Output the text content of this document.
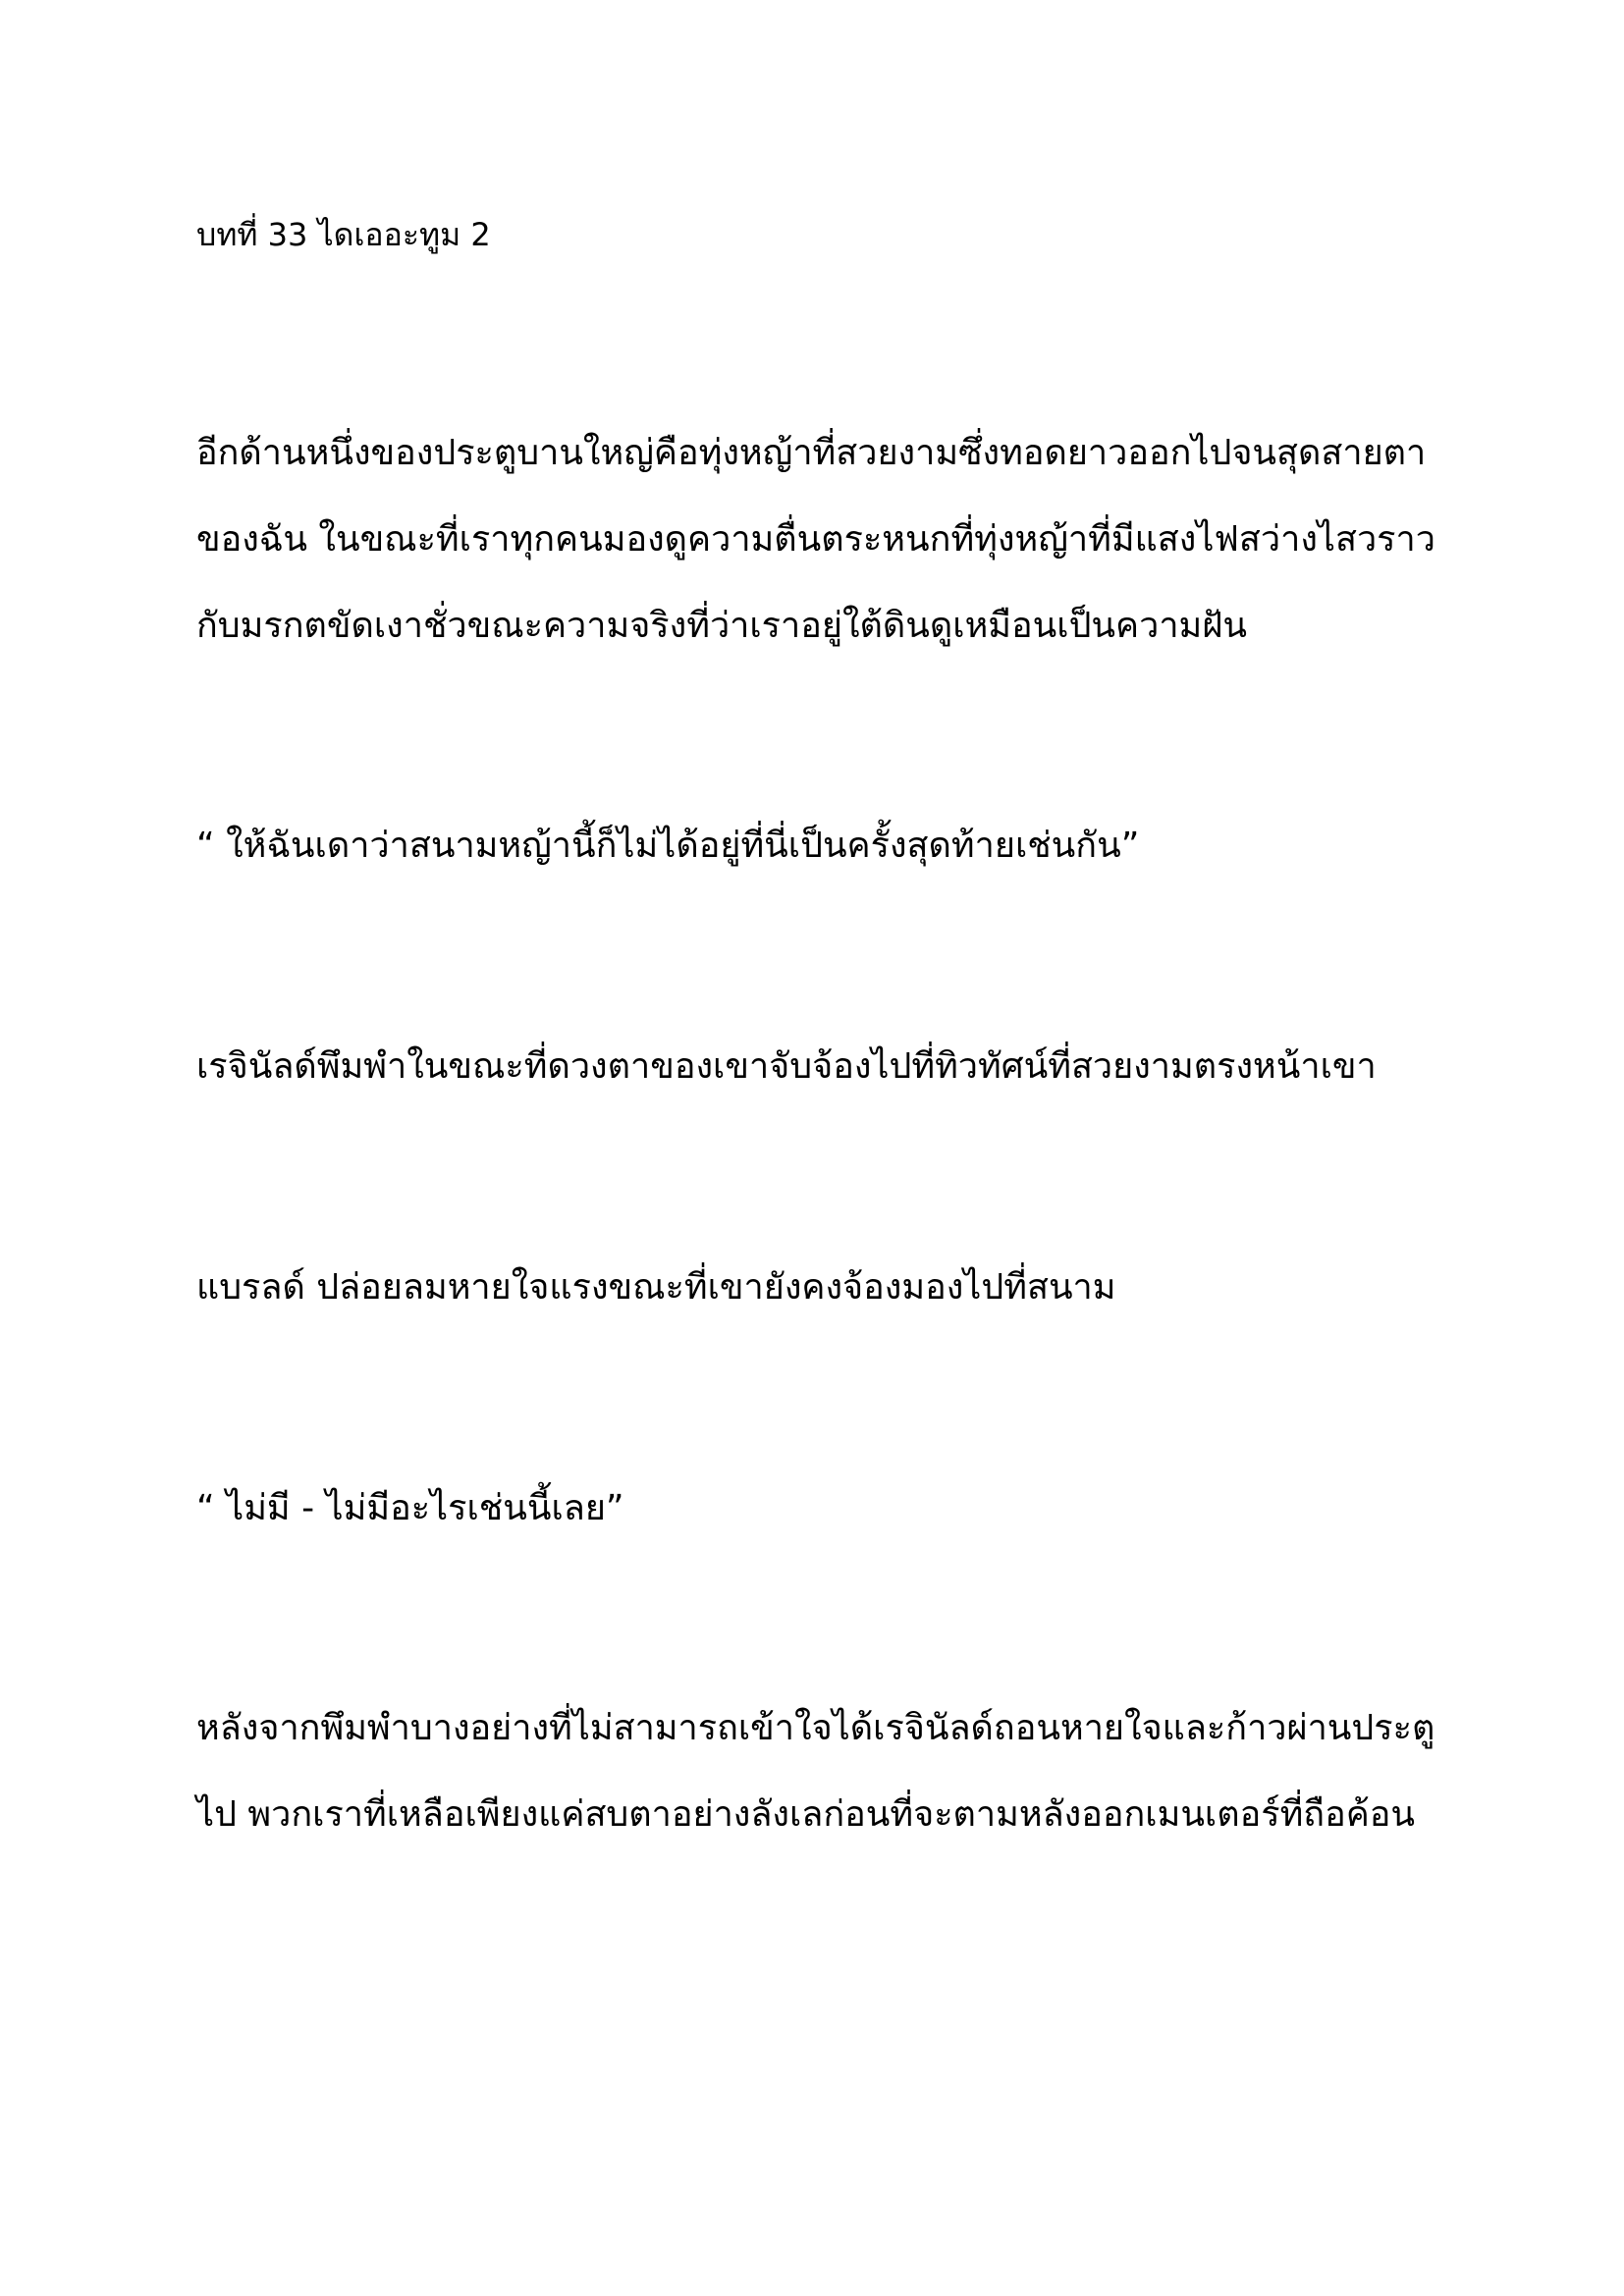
บทที่ 33 ไดเออะทูม 2
อีกด้านหนึ่งของประตูบานใหญ่คือทุ่งหญ้าที่สวยงามซึ่งทอดยาวออกไปจนสุดสายตา
ของฉัน ในขณะที่เราทุกคนมองดูความตื่นตระหนกที่ทุ่งหญ้าที่มีแสงไฟสว่างไสวราว
กับมรกตขัดเงาชั่วขณะความจริงที่ว่าเราอยู่ใต้ดินดูเหมือนเป็นความฝัน
“ ให้ฉันเดาว่าสนามหญ้านี้ก็ไม่ได้อยู่ที่นี่เป็นครั้งสุดท้ายเช่นกัน”
เรจินัลด์พึมพำในขณะที่ดวงตาของเขาจับจ้องไปที่ทิวทัศน์ที่สวยงามตรงหน้าเขา
แบรลด์ ปล่อยลมหายใจแรงขณะที่เขายังคงจ้องมองไปที่สนาม
“ ไม่มี - ไม่มีอะไรเช่นนี้เลย”
หลังจากพึมพำบางอย่างที่ไม่สามารถเข้าใจได้เรจินัลด์ถอนหายใจและก้าวผ่านประตู
ไป พวกเราที่เหลือเพียงแค่สบตาอย่างลังเลก่อนที่จะตามหลังออกเมนเตอร์ที่ถือค้อน
